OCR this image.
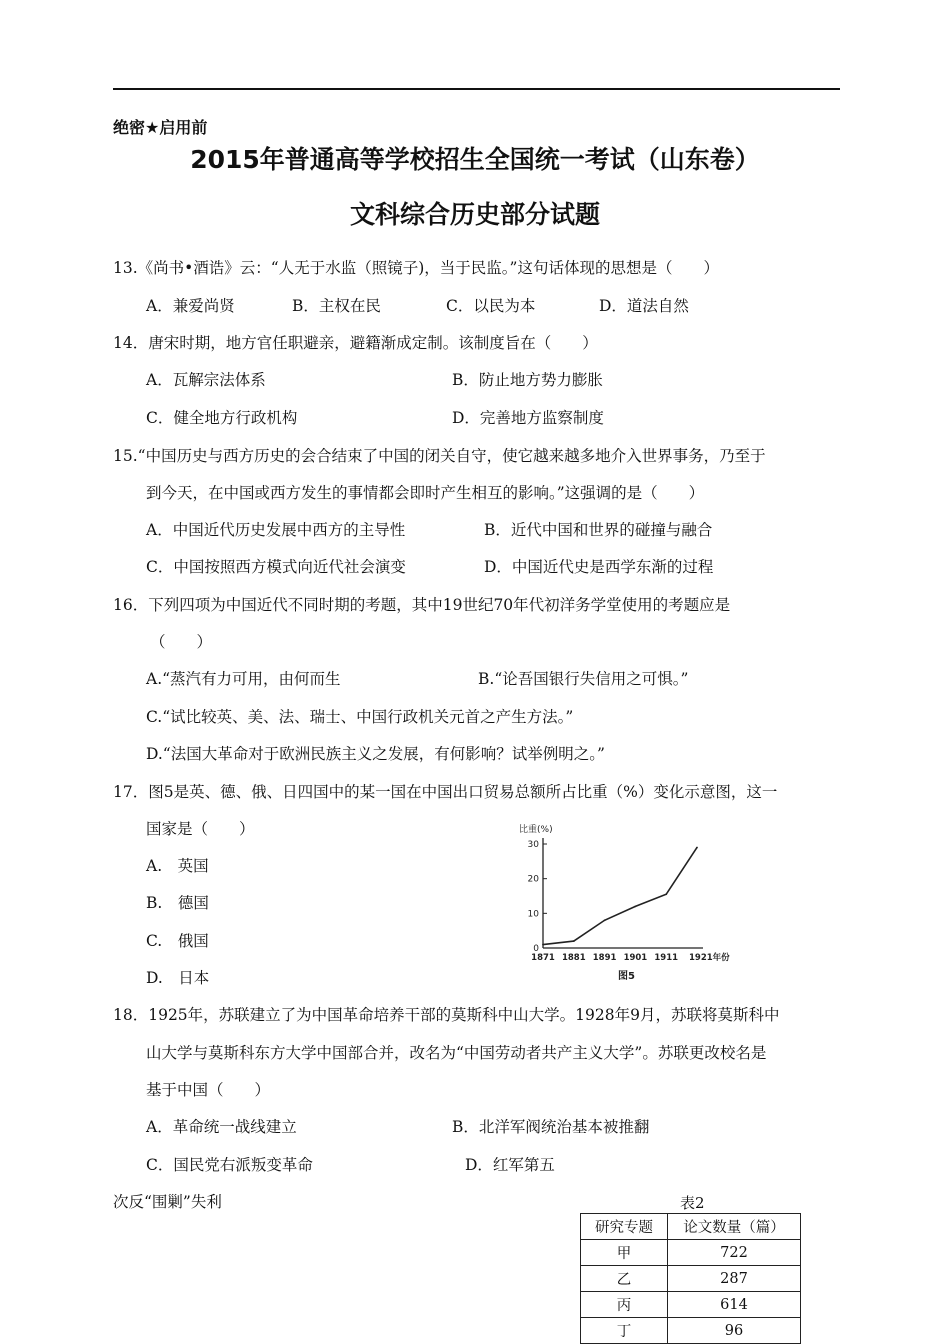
绝密★启用前
2015年普通高等学校招生全国统一考试（山东卷）
文科综合历史部分试题
13.《尚书•酒诰》云：“人无于水监（照镜子)，当于民监。”这句话体现的思想是（　　）
A．兼爱尚贤	B．主权在民	C．以民为本	D．道法自然
14．唐宋时期，地方官任职避亲，避籍渐成定制。该制度旨在（　　）
A．瓦解宗法体系	B．防止地方势力膨胀
C．健全地方行政机构	D．完善地方监察制度
15.“中国历史与西方历史的会合结束了中国的闭关自守，使它越来越多地介入世界事务，乃至于
到今天，在中国或西方发生的事情都会即时产生相互的影响。”这强调的是（　　）
A．中国近代历史发展中西方的主导性	B．近代中国和世界的碰撞与融合
C．中国按照西方模式向近代社会演变	D．中国近代史是西学东渐的过程
16．下列四项为中国近代不同时期的考题，其中19世纪70年代初洋务学堂使用的考题应是
（　　）
A.“蒸汽有力可用，由何而生	B.“论吾国银行失信用之可惧。”
C.“试比较英、美、法、瑞士、中国行政机关元首之产生方法。”
D.“法国大革命对于欧洲民族主义之发展，有何影响？试举例明之。”
17．图5是英、德、俄、日四国中的某一国在中国出口贸易总额所占比重（%）变化示意图，这一
国家是（　　）
A.　英国
B.　德国
C.　俄国
D.　日本
比重(%)
0
10
20
30
1871 1881 1891 1901 1911 1921年份
图5
18．1925年，苏联建立了为中国革命培养干部的莫斯科中山大学。1928年9月，苏联将莫斯科中
山大学与莫斯科东方大学中国部合并，改名为“中国劳动者共产主义大学”。苏联更改校名是
基于中国（　　）
A．革命统一战线建立	B．北洋军阀统治基本被推翻
C．国民党右派叛变革命	D．红军第五
次反“围剿”失利	表2
研究专题	论文数量（篇）
甲	722
乙	287
丙	614
丁	96
